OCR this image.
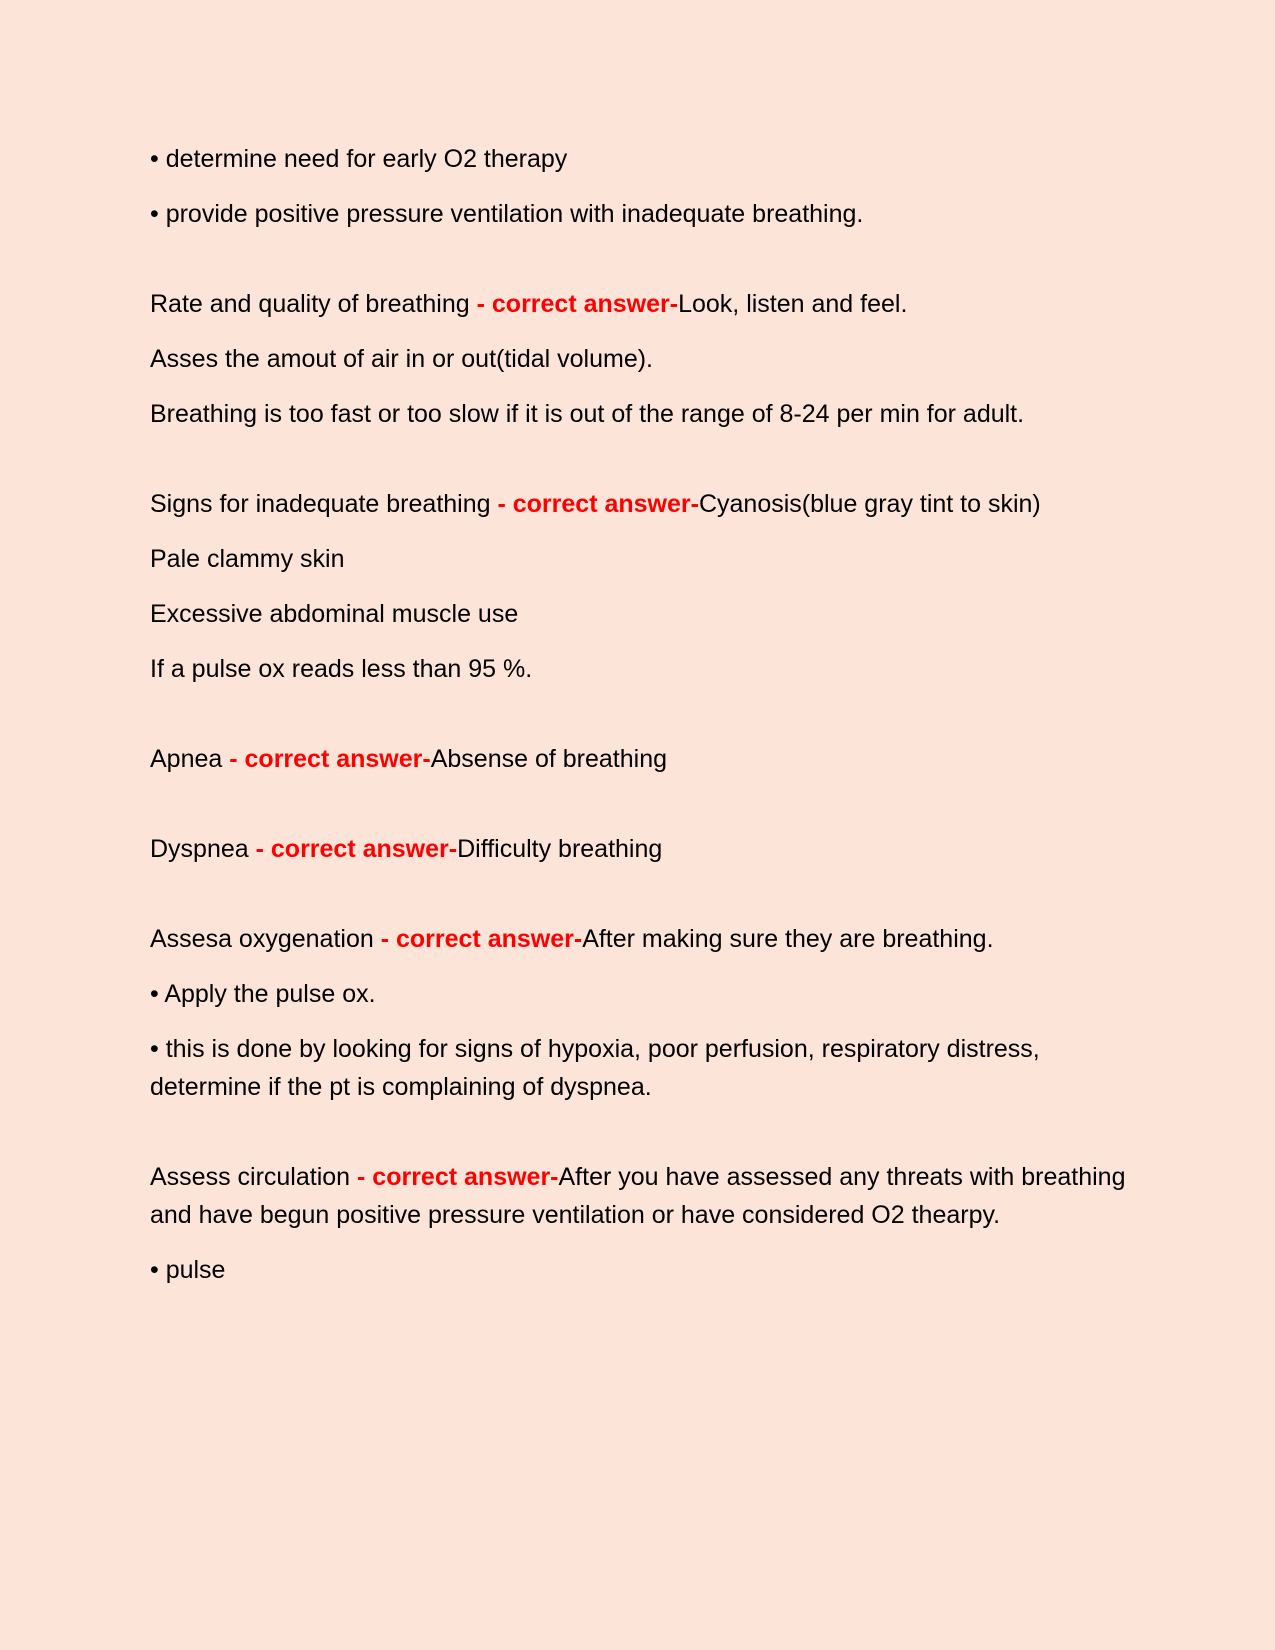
• determine need for early O2 therapy

• provide positive pressure ventilation with inadequate breathing.

Rate and quality of breathing - correct answer-Look, listen and feel.

Asses the amout of air in or out(tidal volume).

Breathing is too fast or too slow if it is out of the range of 8-24 per min for adult.

Signs for inadequate breathing - correct answer-Cyanosis(blue gray tint to skin)

Pale clammy skin

Excessive abdominal muscle use

If a pulse ox reads less than 95 %.

Apnea - correct answer-Absense of breathing

Dyspnea - correct answer-Difficulty breathing

Assesa oxygenation - correct answer-After making sure they are breathing.

• Apply the pulse ox.

• this is done by looking for signs of hypoxia, poor perfusion, respiratory distress, determine if the pt is complaining of dyspnea.

Assess circulation - correct answer-After you have assessed any threats with breathing and have begun positive pressure ventilation or have considered O2 thearpy.

• pulse
